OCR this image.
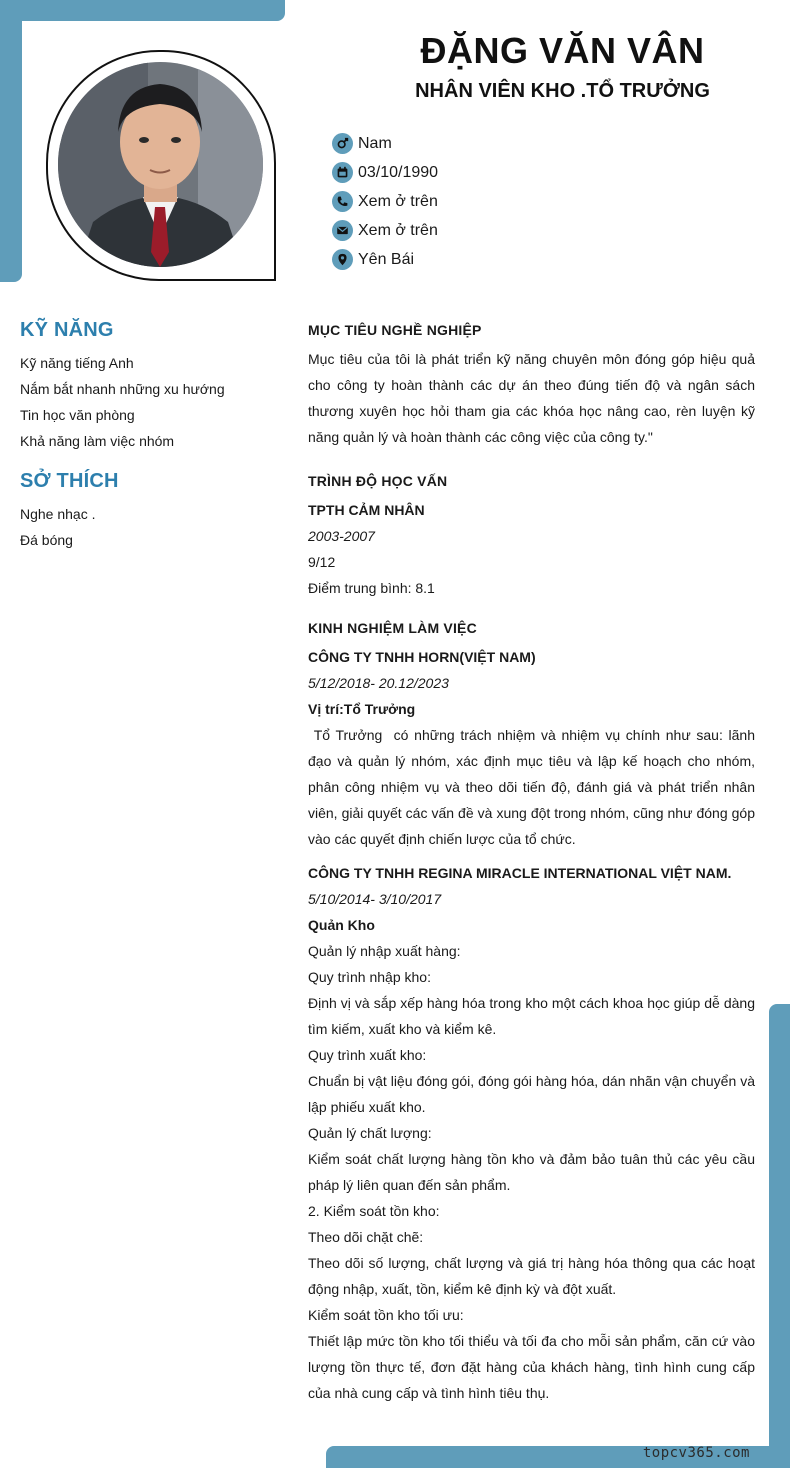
topcv365.com
ĐẶNG VĂN VÂN
NHÂN VIÊN KHO .TỔ TRƯỞNG
Nam
03/10/1990
Xem ở trên
Xem ở trên
Yên Bái
KỸ NĂNG
Kỹ năng tiếng Anh
Nắm bắt nhanh những xu hướng
Tin học văn phòng
Khả năng làm việc nhóm
SỞ THÍCH
Nghe nhạc .
Đá bóng
MỤC TIÊU NGHỀ NGHIỆP
Mục tiêu của tôi là phát triển kỹ năng chuyên môn đóng góp hiệu quả cho công ty hoàn thành các dự án theo đúng tiến độ và ngân sách thương xuyên học hỏi tham gia các khóa học nâng cao, rèn luyện kỹ năng quản lý và hoàn thành các công việc của công ty."
TRÌNH ĐỘ HỌC VẤN
TPTH CẢM NHÂN
2003-2007
9/12
Điểm trung bình: 8.1
KINH NGHIỆM LÀM VIỆC
CÔNG TY TNHH HORN(VIỆT NAM)
5/12/2018- 20.12/2023
Vị trí:Tổ Trưởng
Tổ Trưởng  có những trách nhiệm và nhiệm vụ chính như sau: lãnh đạo và quản lý nhóm, xác định mục tiêu và lập kế hoạch cho nhóm, phân công nhiệm vụ và theo dõi tiến độ, đánh giá và phát triển nhân viên, giải quyết các vấn đề và xung đột trong nhóm, cũng như đóng góp vào các quyết định chiến lược của tổ chức.
CÔNG TY TNHH REGINA MIRACLE INTERNATIONAL VIỆT NAM.
5/10/2014- 3/10/2017
Quản Kho
Quản lý nhập xuất hàng:
Quy trình nhập kho:
Định vị và sắp xếp hàng hóa trong kho một cách khoa học giúp dễ dàng tìm kiếm, xuất kho và kiểm kê.
Quy trình xuất kho:
Chuẩn bị vật liệu đóng gói, đóng gói hàng hóa, dán nhãn vận chuyển và lập phiếu xuất kho.
Quản lý chất lượng:
Kiểm soát chất lượng hàng tồn kho và đảm bảo tuân thủ các yêu cầu pháp lý liên quan đến sản phẩm.
2. Kiểm soát tồn kho:
Theo dõi chặt chẽ:
Theo dõi số lượng, chất lượng và giá trị hàng hóa thông qua các hoạt động nhập, xuất, tồn, kiểm kê định kỳ và đột xuất.
Kiểm soát tồn kho tối ưu:
Thiết lập mức tồn kho tối thiểu và tối đa cho mỗi sản phẩm, căn cứ vào lượng tồn thực tế, đơn đặt hàng của khách hàng, tình hình cung cấp của nhà cung cấp và tình hình tiêu thụ.
